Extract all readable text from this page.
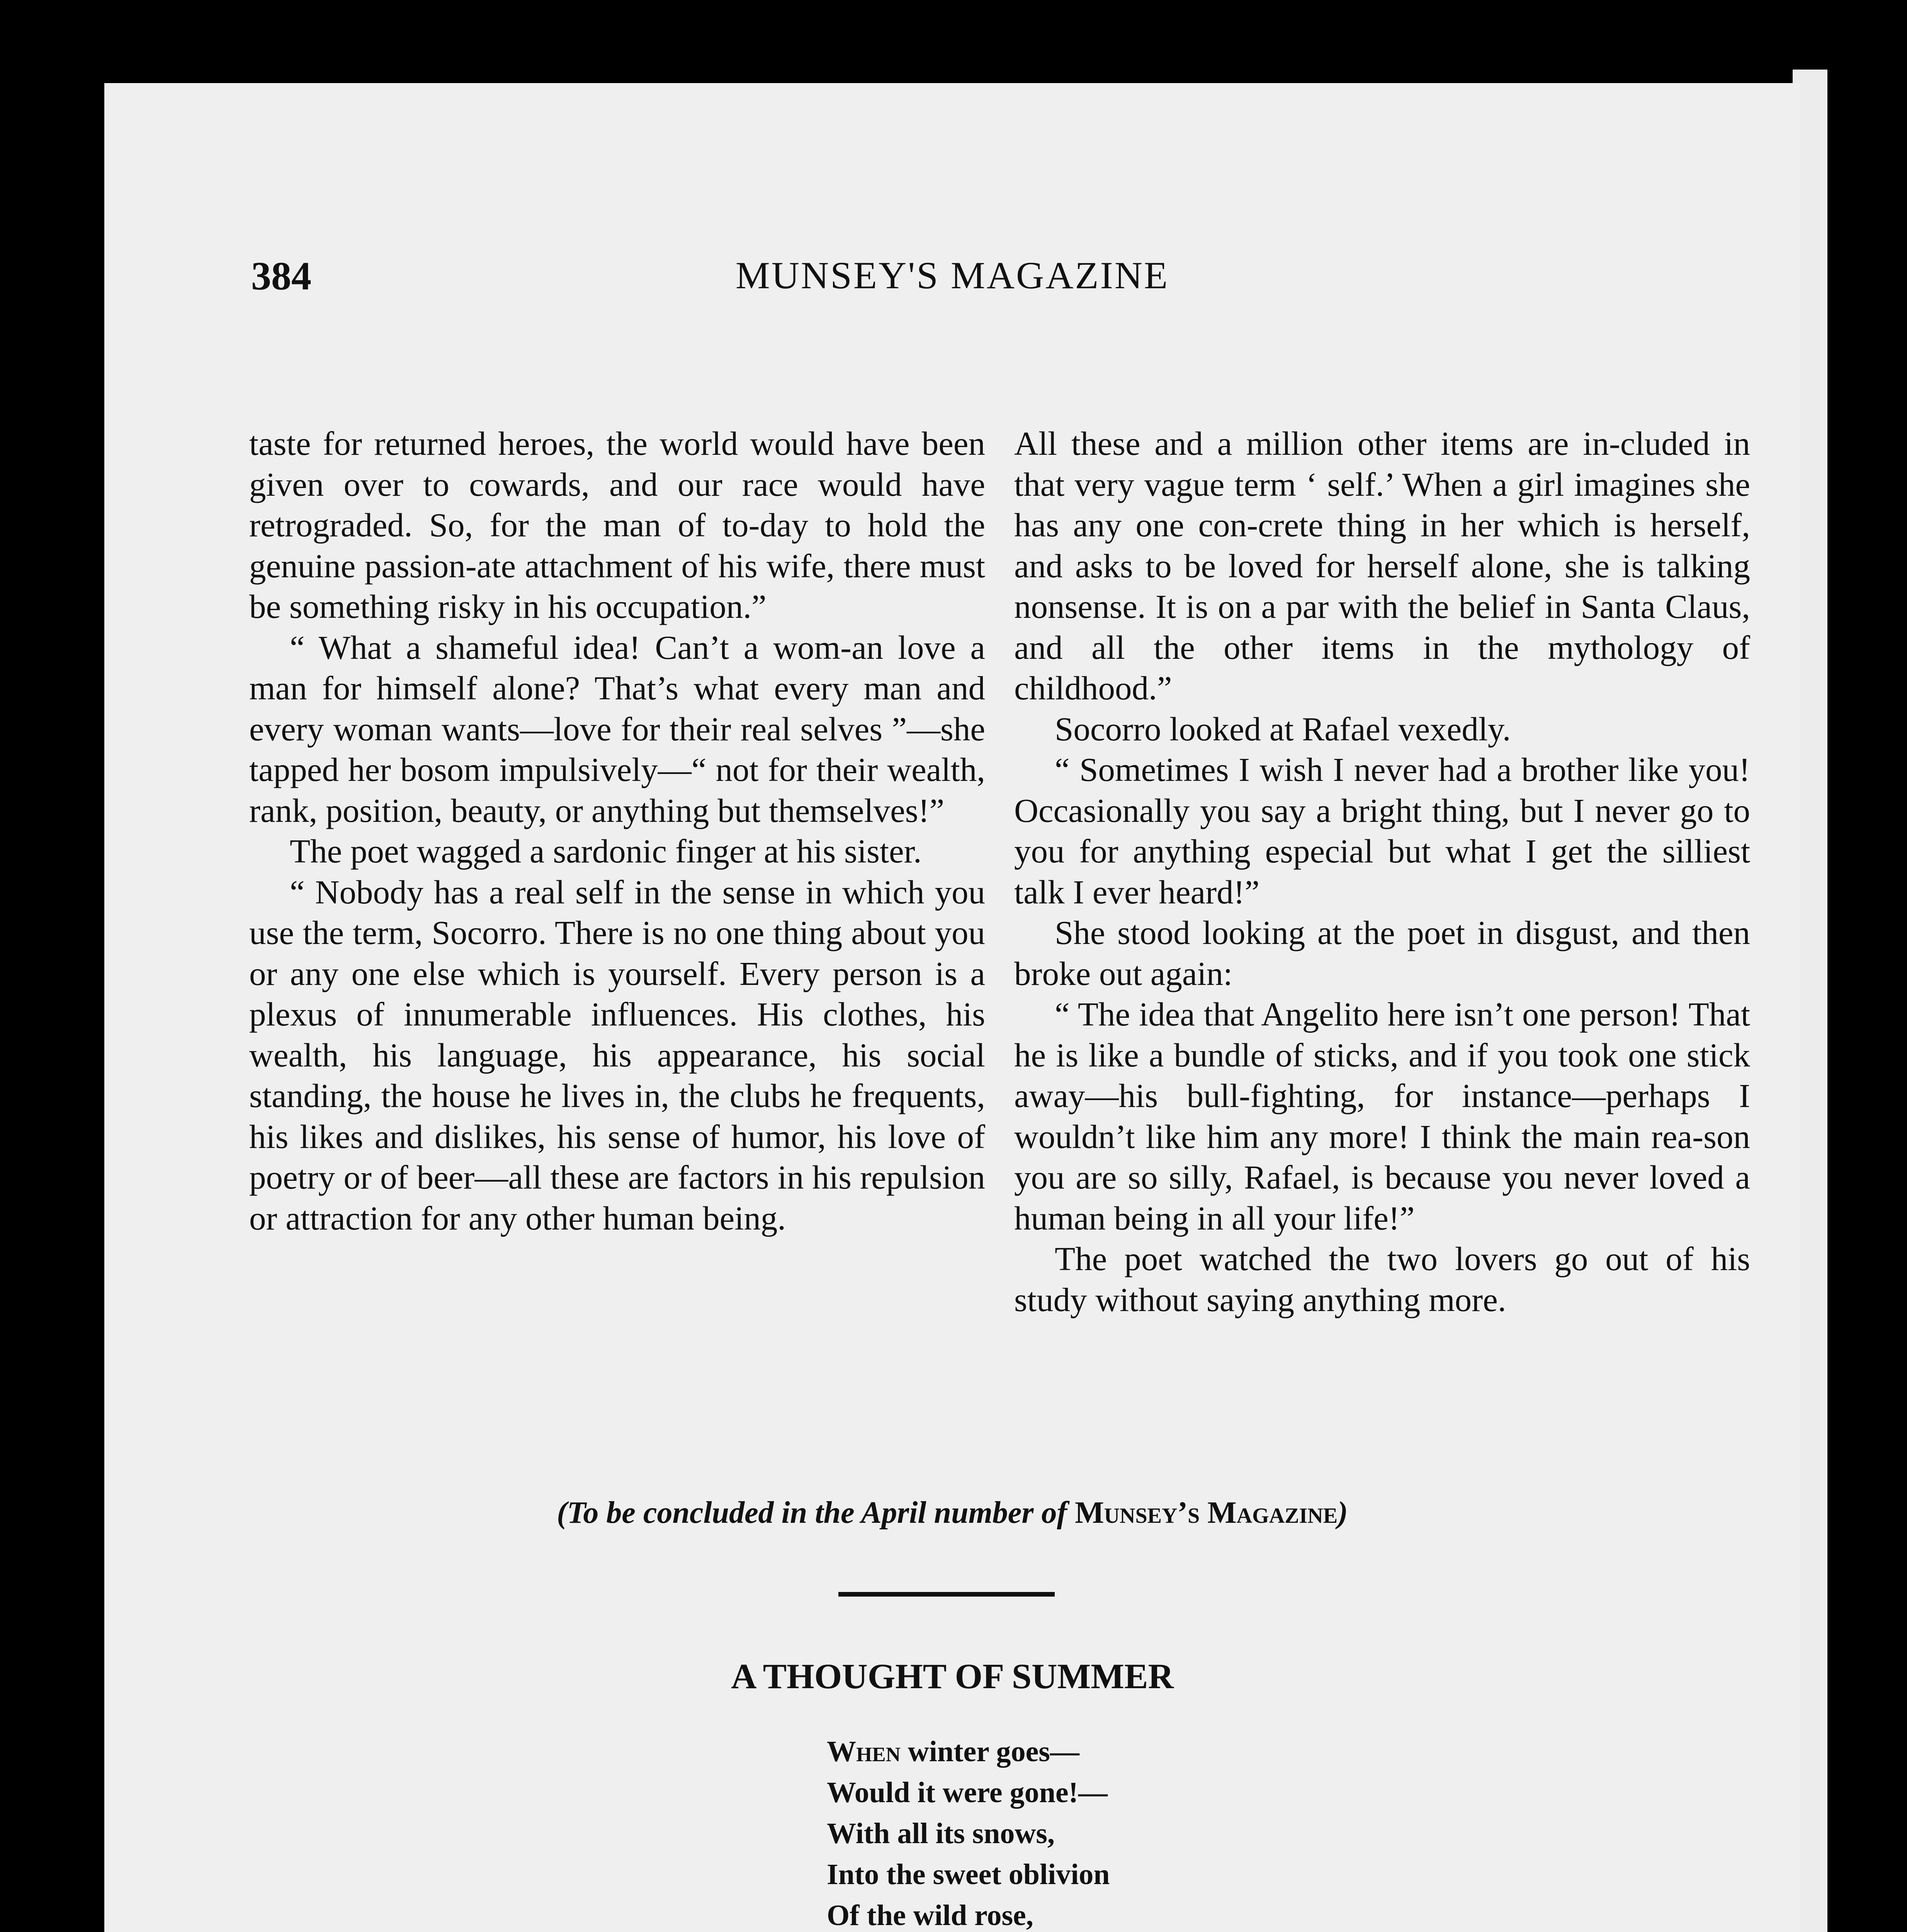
384	MUNSEY'S MAGAZINE

taste for returned heroes, the world would have been given over to cowards, and our race would have retrograded. So, for the man of to-day to hold the genuine passion-ate attachment of his wife, there must be something risky in his occupation.”

“ What a shameful idea! Can’t a wom-an love a man for himself alone? That’s what every man and every woman wants—love for their real selves ”—she tapped her bosom impulsively—“ not for their wealth, rank, position, beauty, or anything but themselves!”

The poet wagged a sardonic finger at his sister.

“ Nobody has a real self in the sense in which you use the term, Socorro. There is no one thing about you or any one else which is yourself. Every person is a plexus of innumerable influences. His clothes, his wealth, his language, his appearance, his social standing, the house he lives in, the clubs he frequents, his likes and dislikes, his sense of humor, his love of poetry or of beer—all these are factors in his repulsion or attraction for any other human being.

All these and a million other items are in-cluded in that very vague term ‘ self.’ When a girl imagines she has any one con-crete thing in her which is herself, and asks to be loved for herself alone, she is talking nonsense. It is on a par with the belief in Santa Claus, and all the other items in the mythology of childhood.”

Socorro looked at Rafael vexedly.

“ Sometimes I wish I never had a brother like you! Occasionally you say a bright thing, but I never go to you for anything especial but what I get the silliest talk I ever heard!”

She stood looking at the poet in disgust, and then broke out again:

“ The idea that Angelito here isn’t one person! That he is like a bundle of sticks, and if you took one stick away—his bull-fighting, for instance—perhaps I wouldn’t like him any more! I think the main rea-son you are so silly, Rafael, is because you never loved a human being in all your life!”

The poet watched the two lovers go out of his study without saying anything more.

(To be concluded in the April number of Munsey’s Magazine)
A THOUGHT OF SUMMER
When winter goes—
Would it were gone!—
With all its snows,
Into the sweet oblivion
Of the wild rose,
